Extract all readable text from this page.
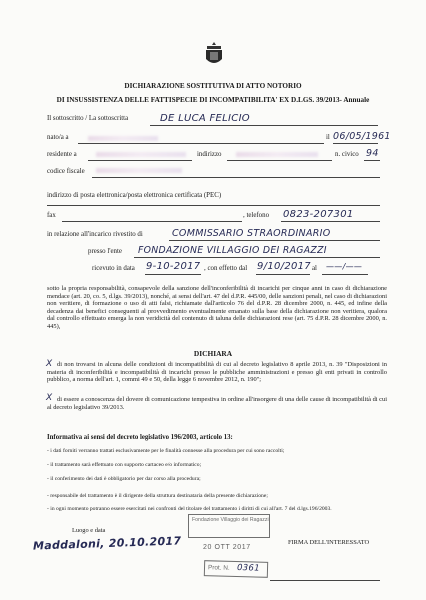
DICHIARAZIONE SOSTITUTIVA DI ATTO NOTORIO
DI INSUSSISTENZA DELLE FATTISPECIE DI INCOMPATIBILITA' EX D.LGS. 39/2013- Annuale
Il sottoscritto / La sottoscritta	DE LUCA FELICIO
nato/a a	il 06/05/1961
residente a	indirizzo	n. civico 94
codice fiscale
indirizzo di posta elettronica/posta elettronica certificata (PEC)
fax	, telefono 0823-207301
in relazione all'incarico rivestito di	COMMISSARIO STRAORDINARIO
presso l'ente FONDAZIONE VILLAGGIO DEI RAGAZZI
ricevuto in data 9-10-2017 , con effetto dal 9/10/2017 al ——/——
sotto la propria responsabilità, consapevole della sanzione dell'inconferibilità di incarichi per cinque anni in caso di dichiarazione mendace (art. 20, co. 5, d.lgs. 39/2013), nonché, ai sensi dell'art. 47 del d.P.R. 445/00, delle sanzioni penali, nel caso di dichiarazioni non veritiere, di formazione o uso di atti falsi, richiamate dall'articolo 76 del d.P.R. 28 dicembre 2000, n. 445, ed infine della decadenza dai benefici conseguenti al provvedimento eventualmente emanato sulla base della dichiarazione non veritiera, qualora dal controllo effettuato emerga la non veridicità del contenuto di taluna delle dichiarazioni rese (art. 75 d.P.R. 28 dicembre 2000, n. 445),
DICHIARA
X di non trovarsi in alcuna delle condizioni di incompatibilità di cui al decreto legislativo 8 aprile 2013, n. 39 "Disposizioni in materia di inconferibilità e incompatibilità di incarichi presso le pubbliche amministrazioni e presso gli enti privati in controllo pubblico, a norma dell'art. 1, commi 49 e 50, della legge 6 novembre 2012, n. 190";
X di essere a conoscenza del dovere di comunicazione tempestiva in ordine all'insorgere di una delle cause di incompatibilità di cui al decreto legislativo 39/2013.
Informativa ai sensi del decreto legislativo 196/2003, articolo 13:
- i dati forniti verranno trattati esclusivamente per le finalità connesse alla procedura per cui sono raccolti;
- il trattamento sarà effettuato con supporto cartaceo e/o informatico;
- il conferimento dei dati è obbligatorio per dar corso alla procedura;
- responsabile del trattamento è il dirigente della struttura destinataria della presente dichiarazione;
- in ogni momento potranno essere esercitati nei confronti del titolare del trattamento i diritti di cui all'art. 7 del d.lgs.196/2003.
Luogo e data
Maddaloni, 20.10.2017	FIRMA DELL'INTERESSATO
Fondazione Villaggio dei Ragazzi
20 OTT 2017
Prot. N. 0361
